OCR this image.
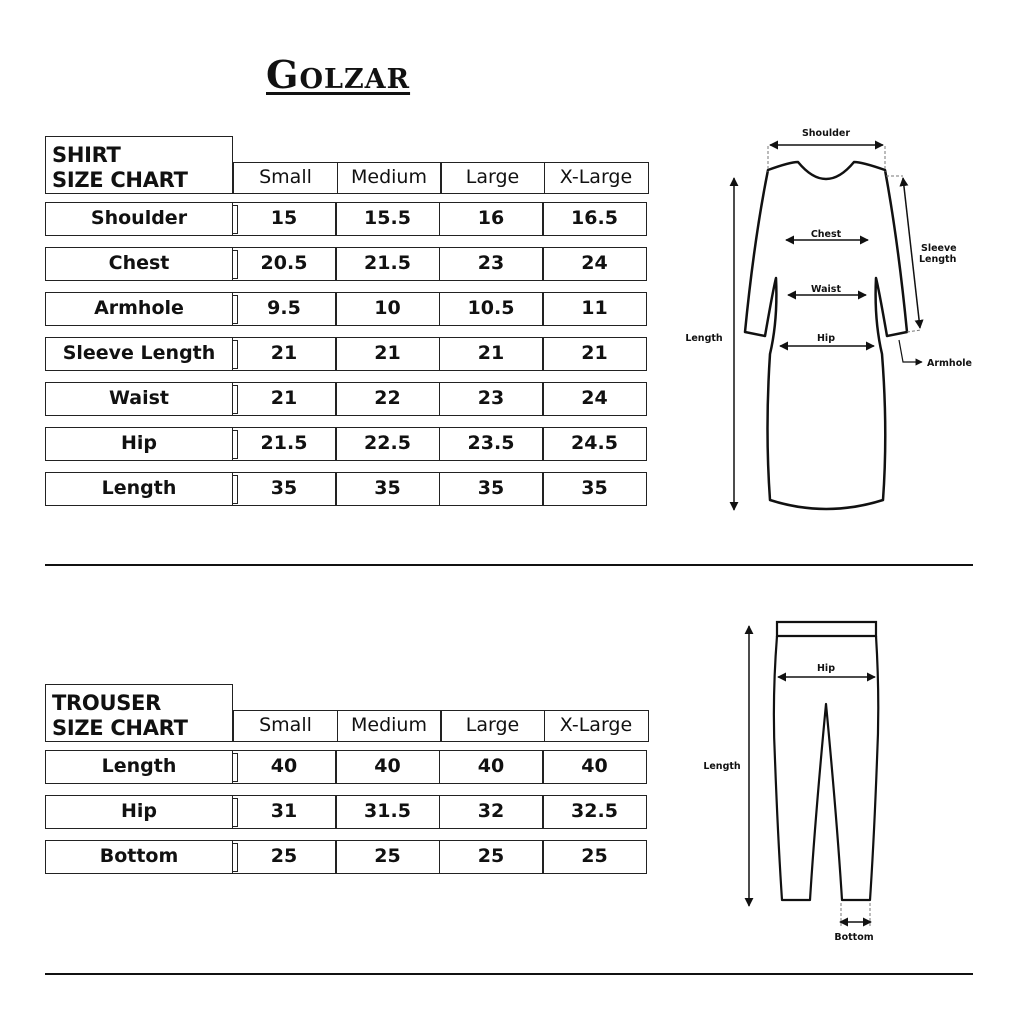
Golzar
SHIRT
SIZE CHART	Small	Medium	Large	X-Large
Shoulder	15	15.5	16	16.5
Chest	20.5	21.5	23	24
Armhole	9.5	10	10.5	11
Sleeve Length	21	21	21	21
Waist	21	22	23	24
Hip	21.5	22.5	23.5	24.5
Length	35	35	35	35
Shoulder
Chest
Waist
Hip
Length
Sleeve
Length
Armhole
TROUSER
SIZE CHART	Small	Medium	Large	X-Large
Length	40	40	40	40
Hip	31	31.5	32	32.5
Bottom	25	25	25	25
Hip
Length
Bottom
